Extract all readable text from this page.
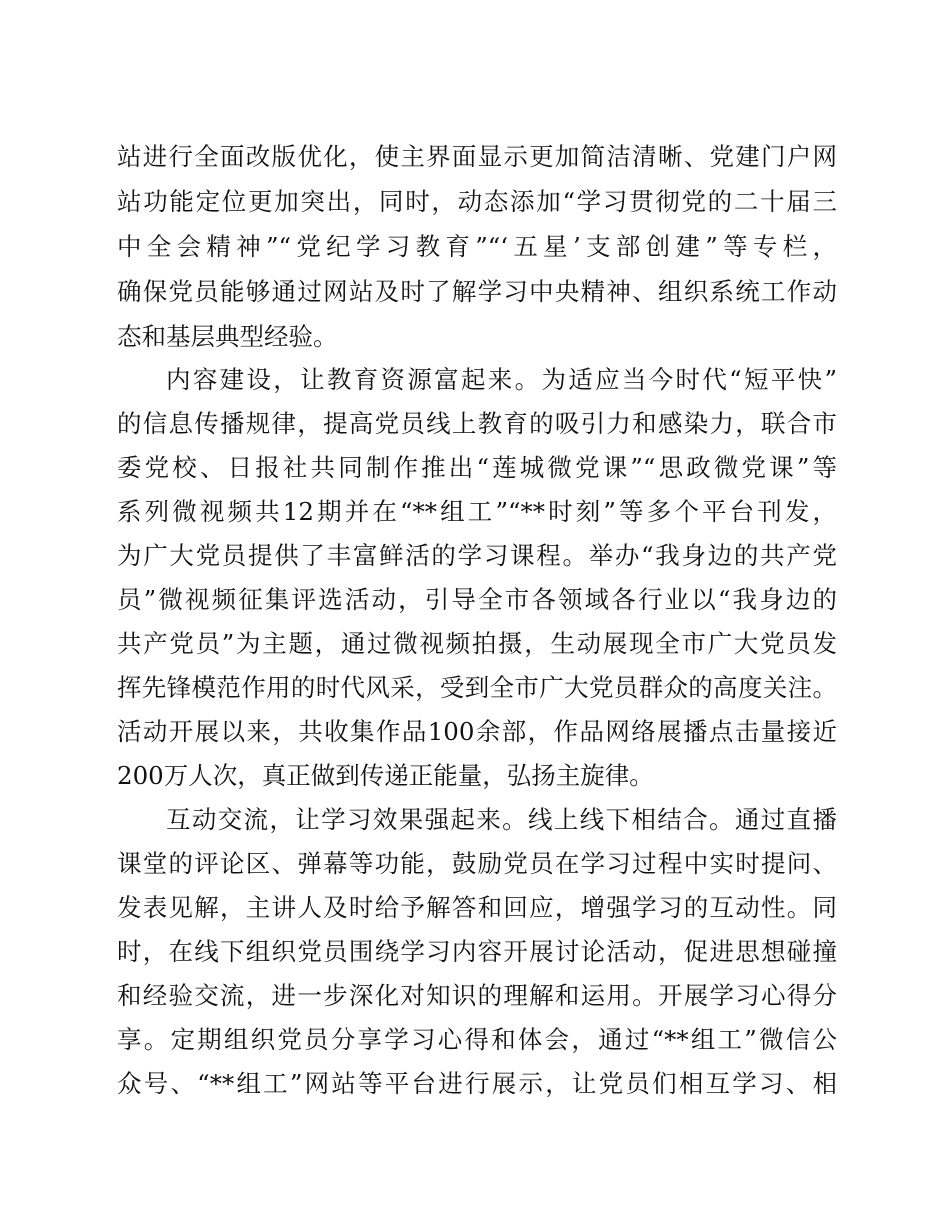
站进行全面改版优化，使主界面显示更加简洁清晰、党建门户网
站功能定位更加突出，同时，动态添加“学习贯彻党的二十届三
中全会精神”“党纪学习教育”“‘五星’支部创建”等专栏，
确保党员能够通过网站及时了解学习中央精神、组织系统工作动
态和基层典型经验。
内容建设，让教育资源富起来。为适应当今时代“短平快”
的信息传播规律，提高党员线上教育的吸引力和感染力，联合市
委党校、日报社共同制作推出“莲城微党课”“思政微党课”等
系列微视频共12期并在“**组工”“**时刻”等多个平台刊发，
为广大党员提供了丰富鲜活的学习课程。举办“我身边的共产党
员”微视频征集评选活动，引导全市各领域各行业以“我身边的
共产党员”为主题，通过微视频拍摄，生动展现全市广大党员发
挥先锋模范作用的时代风采，受到全市广大党员群众的高度关注。
活动开展以来，共收集作品100余部，作品网络展播点击量接近
200万人次，真正做到传递正能量，弘扬主旋律。
互动交流，让学习效果强起来。线上线下相结合。通过直播
课堂的评论区、弹幕等功能，鼓励党员在学习过程中实时提问、
发表见解，主讲人及时给予解答和回应，增强学习的互动性。同
时，在线下组织党员围绕学习内容开展讨论活动，促进思想碰撞
和经验交流，进一步深化对知识的理解和运用。开展学习心得分
享。定期组织党员分享学习心得和体会，通过“**组工”微信公
众号、“**组工”网站等平台进行展示，让党员们相互学习、相
